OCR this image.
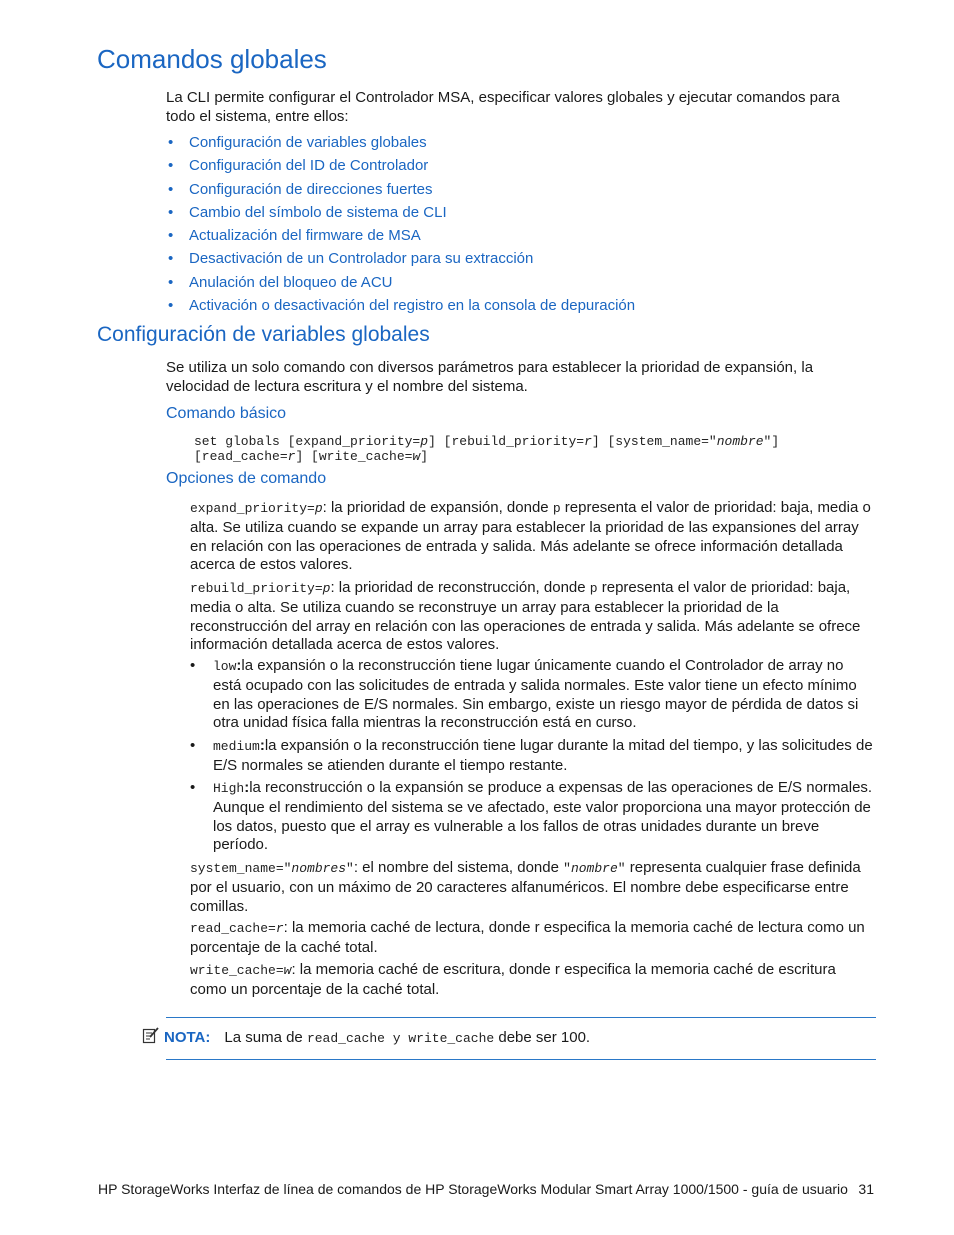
Comandos globales

La CLI permite configurar el Controlador MSA, especificar valores globales y ejecutar comandos para todo el sistema, entre ellos:

• Configuración de variables globales
• Configuración del ID de Controlador
• Configuración de direcciones fuertes
• Cambio del símbolo de sistema de CLI
• Actualización del firmware de MSA
• Desactivación de un Controlador para su extracción
• Anulación del bloqueo de ACU
• Activación o desactivación del registro en la consola de depuración
Configuración de variables globales

Se utiliza un solo comando con diversos parámetros para establecer la prioridad de expansión, la velocidad de lectura escritura y el nombre del sistema.

Comando básico
set globals [expand_priority=p] [rebuild_priority=r] [system_name="nombre"]
[read_cache=r] [write_cache=w]
Opciones de comando

expand_priority=p: la prioridad de expansión, donde p representa el valor de prioridad: baja, media o alta. Se utiliza cuando se expande un array para establecer la prioridad de las expansiones del array en relación con las operaciones de entrada y salida. Más adelante se ofrece información detallada acerca de estos valores.

rebuild_priority=p: la prioridad de reconstrucción, donde p representa el valor de prioridad: baja, media o alta. Se utiliza cuando se reconstruye un array para establecer la prioridad de la reconstrucción del array en relación con las operaciones de entrada y salida. Más adelante se ofrece información detallada acerca de estos valores.

• low:la expansión o la reconstrucción tiene lugar únicamente cuando el Controlador de array no está ocupado con las solicitudes de entrada y salida normales. Este valor tiene un efecto mínimo en las operaciones de E/S normales. Sin embargo, existe un riesgo mayor de pérdida de datos si otra unidad física falla mientras la reconstrucción está en curso.

• medium:la expansión o la reconstrucción tiene lugar durante la mitad del tiempo, y las solicitudes de E/S normales se atienden durante el tiempo restante.

• High:la reconstrucción o la expansión se produce a expensas de las operaciones de E/S normales. Aunque el rendimiento del sistema se ve afectado, este valor proporciona una mayor protección de los datos, puesto que el array es vulnerable a los fallos de otras unidades durante un breve período.

system_name="nombres": el nombre del sistema, donde "nombre" representa cualquier frase definida por el usuario, con un máximo de 20 caracteres alfanuméricos. El nombre debe especificarse entre comillas.

read_cache=r: la memoria caché de lectura, donde r especifica la memoria caché de lectura como un porcentaje de la caché total.

write_cache=w: la memoria caché de escritura, donde r especifica la memoria caché de escritura como un porcentaje de la caché total.

NOTA: La suma de read_cache y write_cache debe ser 100.
HP StorageWorks Interfaz de línea de comandos de HP StorageWorks Modular Smart Array 1000/1500 - guía de usuario 31
